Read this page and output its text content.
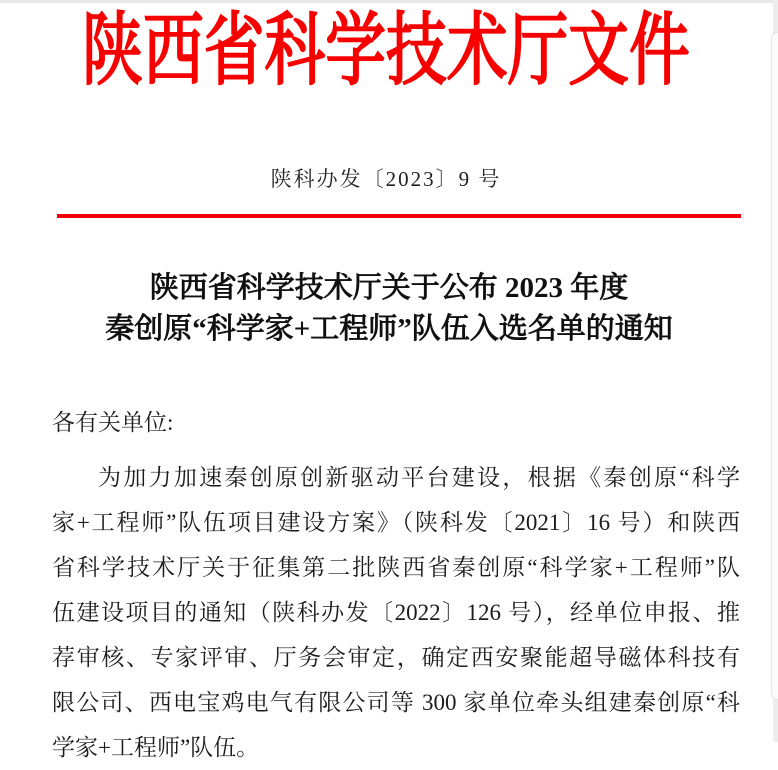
陕西省科学技术厅文件
陕科办发〔2023〕9 号
陕西省科学技术厅关于公布 2023 年度
秦创原“科学家+工程师”队伍入选名单的通知
各有关单位:
为加力加速秦创原创新驱动平台建设，根据《秦创原“科学
家+工程师”队伍项目建设方案》（陕科发〔2021〕16 号）和陕西
省科学技术厅关于征集第二批陕西省秦创原“科学家+工程师”队
伍建设项目的通知（陕科办发〔2022〕126 号），经单位申报、推
荐审核、专家评审、厅务会审定，确定西安聚能超导磁体科技有
限公司、西电宝鸡电气有限公司等 300 家单位牵头组建秦创原“科
学家+工程师”队伍。
